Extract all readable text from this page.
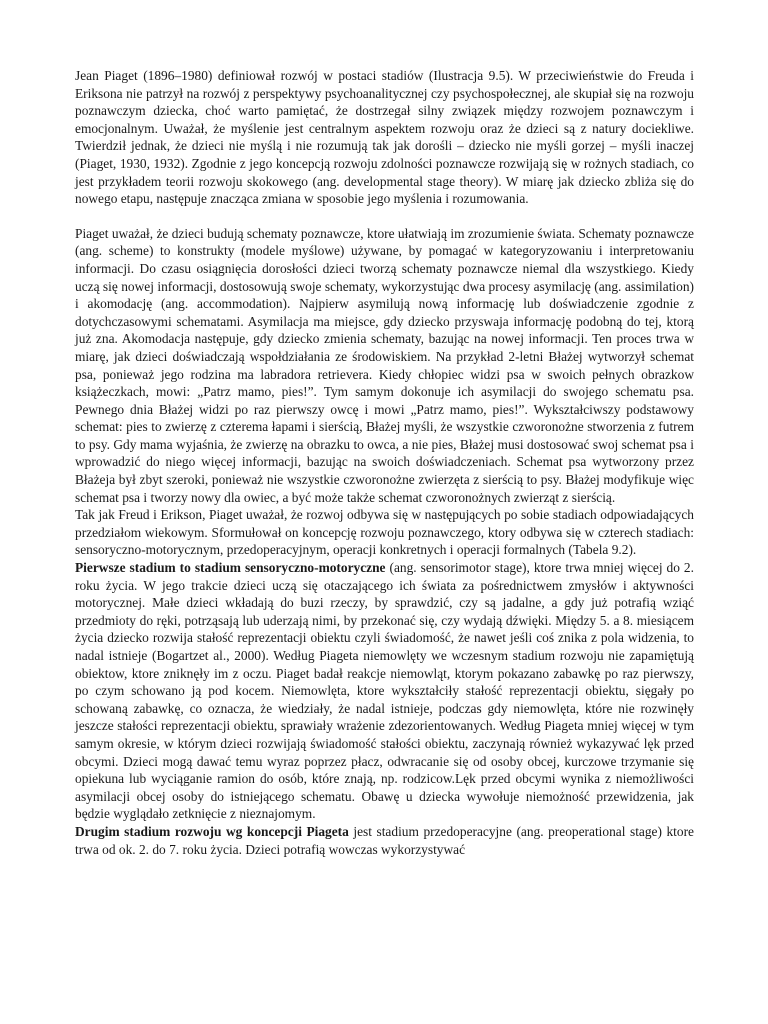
Jean Piaget (1896–1980) definiował rozwój w postaci stadiów (Ilustracja 9.5). W przeciwieństwie do Freuda i Eriksona nie patrzył na rozwój z perspektywy psychoanalitycznej czy psychospołecznej, ale skupiał się na rozwoju poznawczym dziecka, choć warto pamiętać, że dostrzegał silny związek między rozwojem poznawczym i emocjonalnym. Uważał, że myślenie jest centralnym aspektem rozwoju oraz że dzieci są z natury dociekliwe. Twierdził jednak, że dzieci nie myślą i nie rozumują tak jak dorośli – dziecko nie myśli gorzej – myśli inaczej (Piaget, 1930, 1932). Zgodnie z jego koncepcją rozwoju zdolności poznawcze rozwijają się w rożnych stadiach, co jest przykładem teorii rozwoju skokowego (ang. developmental stage theory). W miarę jak dziecko zbliża się do nowego etapu, następuje znacząca zmiana w sposobie jego myślenia i rozumowania.

Piaget uważał, że dzieci budują schematy poznawcze, ktore ułatwiają im zrozumienie świata. Schematy poznawcze (ang. scheme) to konstrukty (modele myślowe) używane, by pomagać w kategoryzowaniu i interpretowaniu informacji. Do czasu osiągnięcia dorosłości dzieci tworzą schematy poznawcze niemal dla wszystkiego. Kiedy uczą się nowej informacji, dostosowują swoje schematy, wykorzystując dwa procesy asymilację (ang. assimilation) i akomodację (ang. accommodation). Najpierw asymilują nową informację lub doświadczenie zgodnie z dotychczasowymi schematami. Asymilacja ma miejsce, gdy dziecko przyswaja informację podobną do tej, ktorą już zna. Akomodacja następuje, gdy dziecko zmienia schematy, bazując na nowej informacji. Ten proces trwa w miarę, jak dzieci doświadczają wspołdziałania ze środowiskiem. Na przykład 2-letni Błażej wytworzył schemat psa, ponieważ jego rodzina ma labradora retrievera. Kiedy chłopiec widzi psa w swoich pełnych obrazkow książeczkach, mowi: „Patrz mamo, pies!”. Tym samym dokonuje ich asymilacji do swojego schematu psa. Pewnego dnia Błażej widzi po raz pierwszy owcę i mowi „Patrz mamo, pies!”. Wykształciwszy podstawowy schemat: pies to zwierzę z czterema łapami i sierścią, Błażej myśli, że wszystkie czworonożne stworzenia z futrem to psy. Gdy mama wyjaśnia, że zwierzę na obrazku to owca, a nie pies, Błażej musi dostosować swoj schemat psa i wprowadzić do niego więcej informacji, bazując na swoich doświadczeniach. Schemat psa wytworzony przez Błażeja był zbyt szeroki, ponieważ nie wszystkie czworonożne zwierzęta z sierścią to psy. Błażej modyfikuje więc schemat psa i tworzy nowy dla owiec, a być może także schemat czworonożnych zwierząt z sierścią.

Tak jak Freud i Erikson, Piaget uważał, że rozwoj odbywa się w następujących po sobie stadiach odpowiadających przedziałom wiekowym. Sformułował on koncepcję rozwoju poznawczego, ktory odbywa się w czterech stadiach: sensoryczno-motorycznym, przedoperacyjnym, operacji konkretnych i operacji formalnych (Tabela 9.2).

Pierwsze stadium to stadium sensoryczno-motoryczne (ang. sensorimotor stage), ktore trwa mniej więcej do 2. roku życia. W jego trakcie dzieci uczą się otaczającego ich świata za pośrednictwem zmysłów i aktywności motorycznej. Małe dzieci wkładają do buzi rzeczy, by sprawdzić, czy są jadalne, a gdy już potrafią wziąć przedmioty do ręki, potrząsają lub uderzają nimi, by przekonać się, czy wydają dźwięki. Między 5. a 8. miesiącem życia dziecko rozwija stałość reprezentacji obiektu czyli świadomość, że nawet jeśli coś znika z pola widzenia, to nadal istnieje (Bogartzet al., 2000). Według Piageta niemowlęty we wczesnym stadium rozwoju nie zapamiętują obiektow, ktore zniknęły im z oczu. Piaget badał reakcje niemowląt, ktorym pokazano zabawkę po raz pierwszy, po czym schowano ją pod kocem. Niemowlęta, ktore wykształciły stałość reprezentacji obiektu, sięgały po schowaną zabawkę, co oznacza, że wiedziały, że nadal istnieje, podczas gdy niemowlęta, które nie rozwinęły jeszcze stałości reprezentacji obiektu, sprawiały wrażenie zdezorientowanych. Według Piageta mniej więcej w tym samym okresie, w którym dzieci rozwijają świadomość stałości obiektu, zaczynają również wykazywać lęk przed obcymi. Dzieci mogą dawać temu wyraz poprzez płacz, odwracanie się od osoby obcej, kurczowe trzymanie się opiekuna lub wyciąganie ramion do osób, które znają, np. rodzicow.Lęk przed obcymi wynika z niemożliwości asymilacji obcej osoby do istniejącego schematu. Obawę u dziecka wywołuje niemożność przewidzenia, jak będzie wyglądało zetknięcie z nieznajomym.

Drugim stadium rozwoju wg koncepcji Piageta jest stadium przedoperacyjne (ang. preoperational stage) ktore trwa od ok. 2. do 7. roku życia. Dzieci potrafią wowczas wykorzystywać
